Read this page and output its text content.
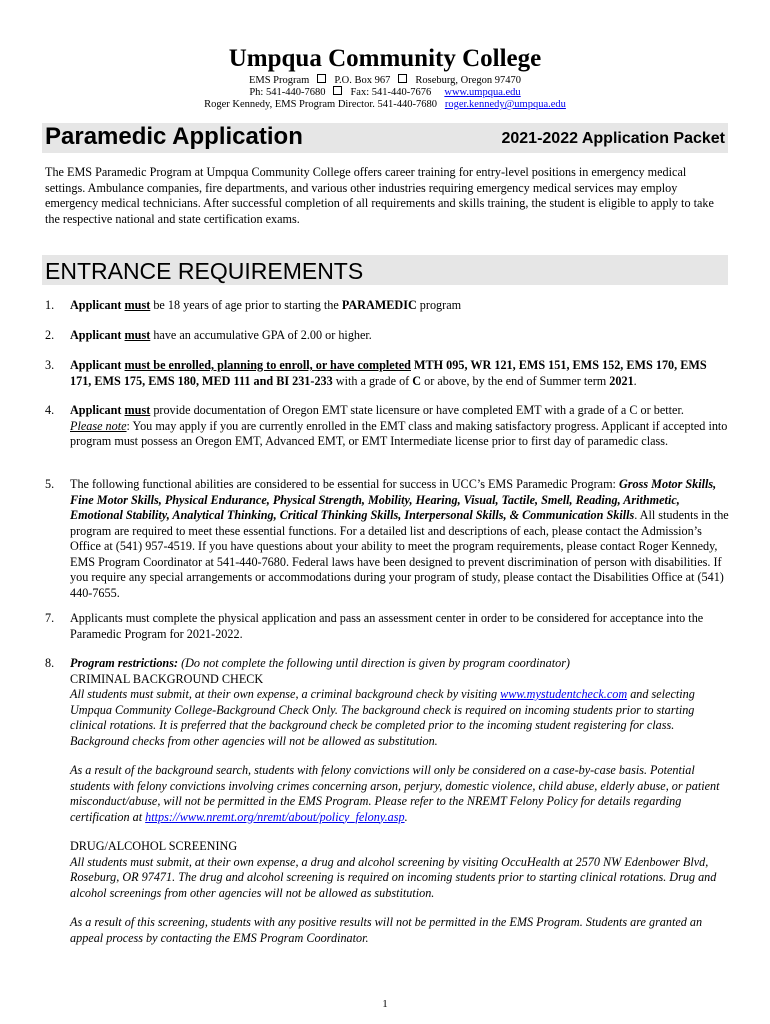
Umpqua Community College
EMS Program P.O. Box 967 Roseburg, Oregon 97470
Ph: 541-440-7680 Fax: 541-440-7676 www.umpqua.edu
Roger Kennedy, EMS Program Director. 541-440-7680 roger.kennedy@umpqua.edu
Paramedic Application	2021-2022 Application Packet
The EMS Paramedic Program at Umpqua Community College offers career training for entry-level positions in emergency medical settings. Ambulance companies, fire departments, and various other industries requiring emergency medical services may employ emergency medical technicians. After successful completion of all requirements and skills training, the student is eligible to apply to take the respective national and state certification exams.
ENTRANCE REQUIREMENTS
1.	Applicant must be 18 years of age prior to starting the PARAMEDIC program
2.	Applicant must have an accumulative GPA of 2.00 or higher.
3.	Applicant must be enrolled, planning to enroll, or have completed MTH 095, WR 121, EMS 151, EMS 152, EMS 170, EMS 171, EMS 175, EMS 180, MED 111 and BI 231-233 with a grade of C or above, by the end of Summer term 2021.
4.	Applicant must provide documentation of Oregon EMT state licensure or have completed EMT with a grade of a C or better.
Please note: You may apply if you are currently enrolled in the EMT class and making satisfactory progress. Applicant if accepted into program must possess an Oregon EMT, Advanced EMT, or EMT Intermediate license prior to first day of paramedic class.
5.	The following functional abilities are considered to be essential for success in UCC’s EMS Paramedic Program: Gross Motor Skills, Fine Motor Skills, Physical Endurance, Physical Strength, Mobility, Hearing, Visual, Tactile, Smell, Reading, Arithmetic, Emotional Stability, Analytical Thinking, Critical Thinking Skills, Interpersonal Skills, & Communication Skills. All students in the program are required to meet these essential functions. For a detailed list and descriptions of each, please contact the Admission’s Office at (541) 957-4519. If you have questions about your ability to meet the program requirements, please contact Roger Kennedy, EMS Program Coordinator at 541-440-7680. Federal laws have been designed to prevent discrimination of person with disabilities. If you require any special arrangements or accommodations during your program of study, please contact the Disabilities Office at (541) 440-7655.
7.	Applicants must complete the physical application and pass an assessment center in order to be considered for acceptance into the Paramedic Program for 2021-2022.
8.	Program restrictions: (Do not complete the following until direction is given by program coordinator)
CRIMINAL BACKGROUND CHECK
All students must submit, at their own expense, a criminal background check by visiting www.mystudentcheck.com and selecting Umpqua Community College-Background Check Only. The background check is required on incoming students prior to starting clinical rotations. It is preferred that the background check be completed prior to the incoming student registering for class. Background checks from other agencies will not be allowed as substitution.
As a result of the background search, students with felony convictions will only be considered on a case-by-case basis. Potential students with felony convictions involving crimes concerning arson, perjury, domestic violence, child abuse, elderly abuse, or patient misconduct/abuse, will not be permitted in the EMS Program. Please refer to the NREMT Felony Policy for details regarding certification at https://www.nremt.org/nremt/about/policy_felony.asp.
DRUG/ALCOHOL SCREENING
All students must submit, at their own expense, a drug and alcohol screening by visiting OccuHealth at 2570 NW Edenbower Blvd, Roseburg, OR 97471. The drug and alcohol screening is required on incoming students prior to starting clinical rotations. Drug and alcohol screenings from other agencies will not be allowed as substitution.
As a result of this screening, students with any positive results will not be permitted in the EMS Program. Students are granted an appeal process by contacting the EMS Program Coordinator.
1
